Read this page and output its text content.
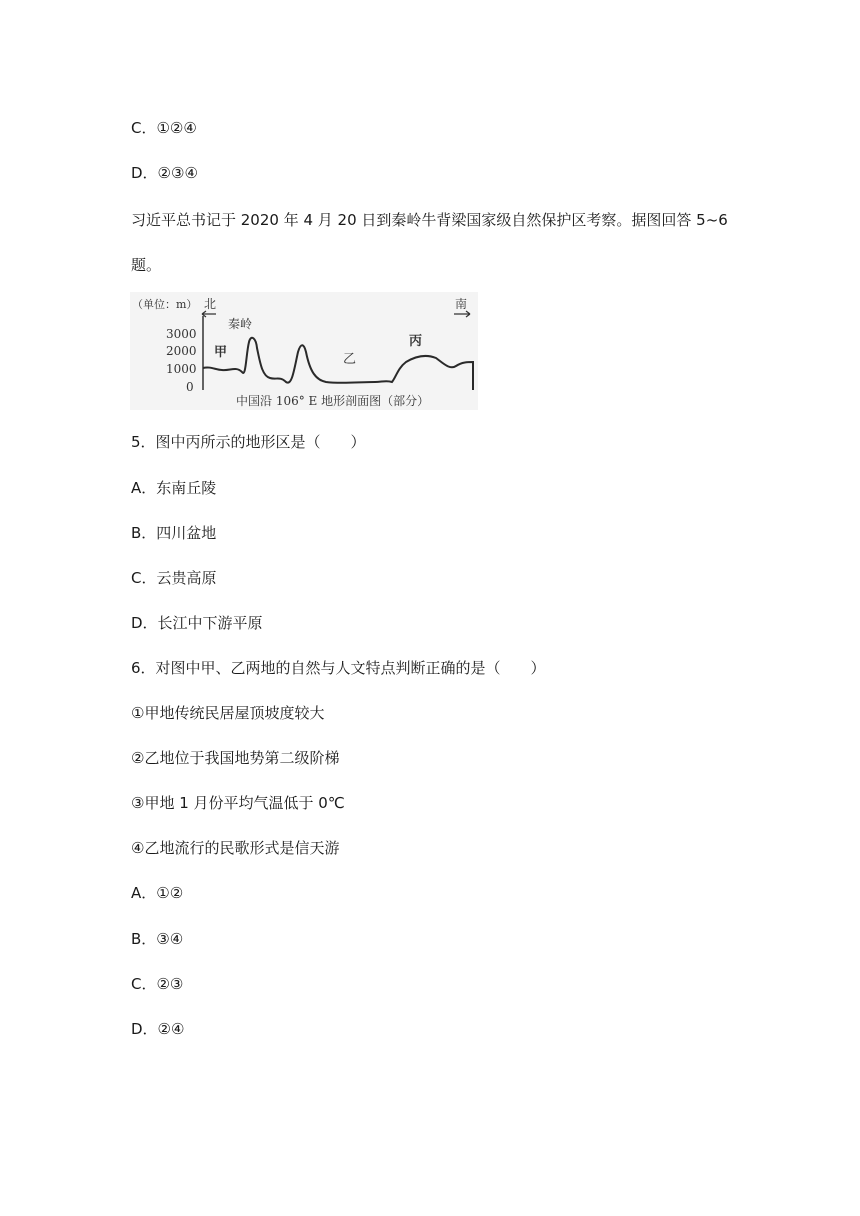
C．①②④
D．②③④
习近平总书记于 2020 年 4 月 20 日到秦岭牛背梁国家级自然保护区考察。据图回答 5~6
题。
（单位：m） 北	南
3000
2000
1000
0
秦岭
甲	乙
丙
中国沿 106° E 地形剖面图（部分）
5．图中丙所示的地形区是（　　）
A．东南丘陵
B．四川盆地
C．云贵高原
D．长江中下游平原
6．对图中甲、乙两地的自然与人文特点判断正确的是（　　）
①甲地传统民居屋顶坡度较大
②乙地位于我国地势第二级阶梯
③甲地 1 月份平均气温低于 0℃
④乙地流行的民歌形式是信天游
A．①②
B．③④
C．②③
D．②④
